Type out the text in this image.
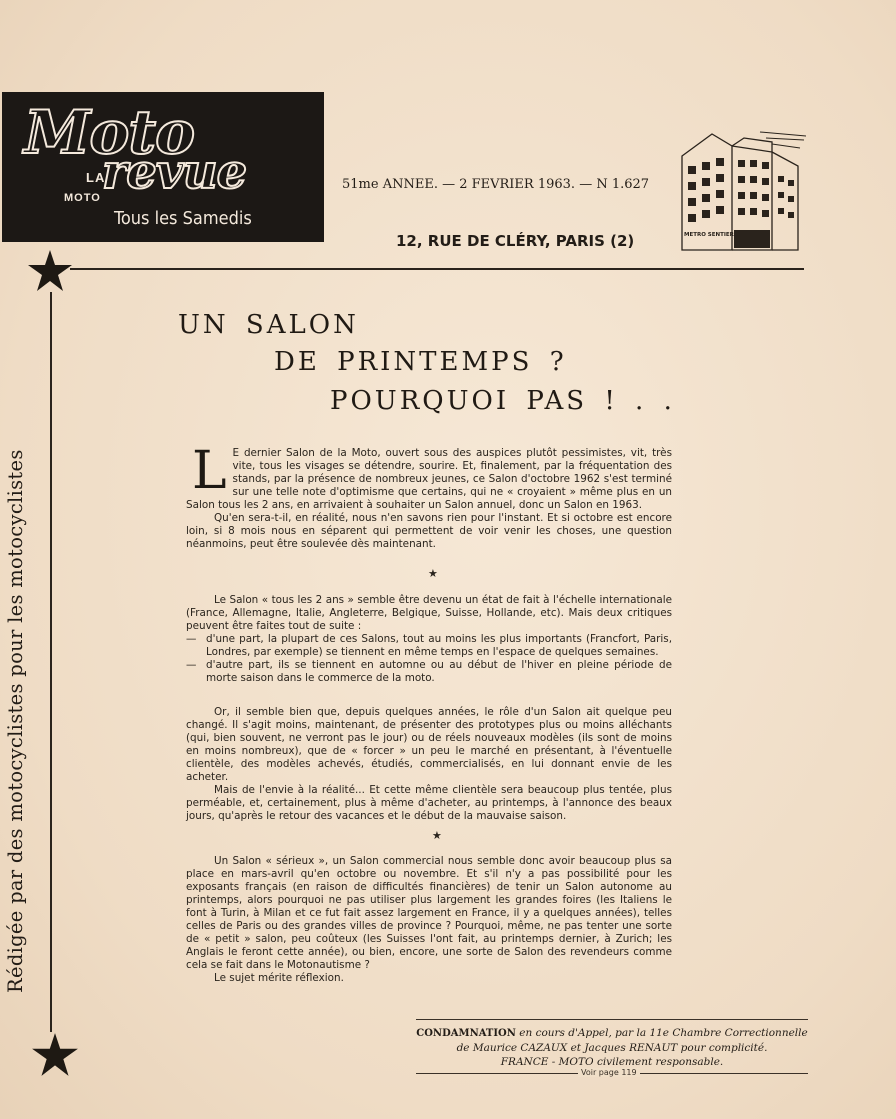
Moto
revue
LA
MOTO
Tous les Samedis
51me ANNEE. — 2 FEVRIER 1963. — N 1.627
12, RUE DE CLÉRY, PARIS (2)	METRO SENTIER
Rédigée par des motocyclistes pour les motocyclistes
UN SALON
DE PRINTEMPS ?
POURQUOI PAS ! . .

L E dernier Salon de la Moto, ouvert sous des auspices plutôt pessimistes, vit, très vite, tous les visages se détendre, sourire. Et, finalement, par la fréquentation des stands, par la présence de nombreux jeunes, ce Salon d'octobre 1962 s'est terminé sur une telle note d'optimisme que certains, qui ne « croyaient » même plus en un Salon tous les 2 ans, en arrivaient à souhaiter un Salon annuel, donc un Salon en 1963.

Qu'en sera-t-il, en réalité, nous n'en savons rien pour l'instant. Et si octobre est encore loin, si 8 mois nous en séparent qui permettent de voir venir les choses, une question néanmoins, peut être soulevée dès maintenant.

★

Le Salon « tous les 2 ans » semble être devenu un état de fait à l'échelle internationale (France, Allemagne, Italie, Angleterre, Belgique, Suisse, Hollande, etc). Mais deux critiques peuvent être faites tout de suite :

— d'une part, la plupart de ces Salons, tout au moins les plus importants (Francfort, Paris, Londres, par exemple) se tiennent en même temps en l'espace de quelques semaines.

— d'autre part, ils se tiennent en automne ou au début de l'hiver en pleine période de morte saison dans le commerce de la moto.

Or, il semble bien que, depuis quelques années, le rôle d'un Salon ait quelque peu changé. Il s'agit moins, maintenant, de présenter des prototypes plus ou moins alléchants (qui, bien souvent, ne verront pas le jour) ou de réels nouveaux modèles (ils sont de moins en moins nombreux), que de « forcer » un peu le marché en présentant, à l'éventuelle clientèle, des modèles achevés, étudiés, commercialisés, en lui donnant envie de les acheter.

Mais de l'envie à la réalité... Et cette même clientèle sera beaucoup plus tentée, plus perméable, et, certainement, plus à même d'acheter, au printemps, à l'annonce des beaux jours, qu'après le retour des vacances et le début de la mauvaise saison.

★

Un Salon « sérieux », un Salon commercial nous semble donc avoir beaucoup plus sa place en mars-avril qu'en octobre ou novembre. Et s'il n'y a pas possibilité pour les exposants français (en raison de difficultés financières) de tenir un Salon autonome au printemps, alors pourquoi ne pas utiliser plus largement les grandes foires (les Italiens le font à Turin, à Milan et ce fut fait assez largement en France, il y a quelques années), telles celles de Paris ou des grandes villes de province ? Pourquoi, même, ne pas tenter une sorte de « petit » salon, peu coûteux (les Suisses l'ont fait, au printemps dernier, à Zurich; les Anglais le feront cette année), ou bien, encore, une sorte de Salon des revendeurs comme cela se fait dans le Motonautisme ?

Le sujet mérite réflexion.

CONDAMNATION en cours d'Appel, par la 11e Chambre Correctionnelle
de Maurice CAZAUX et Jacques RENAUT pour complicité.
FRANCE - MOTO civilement responsable.
Voir page 119
